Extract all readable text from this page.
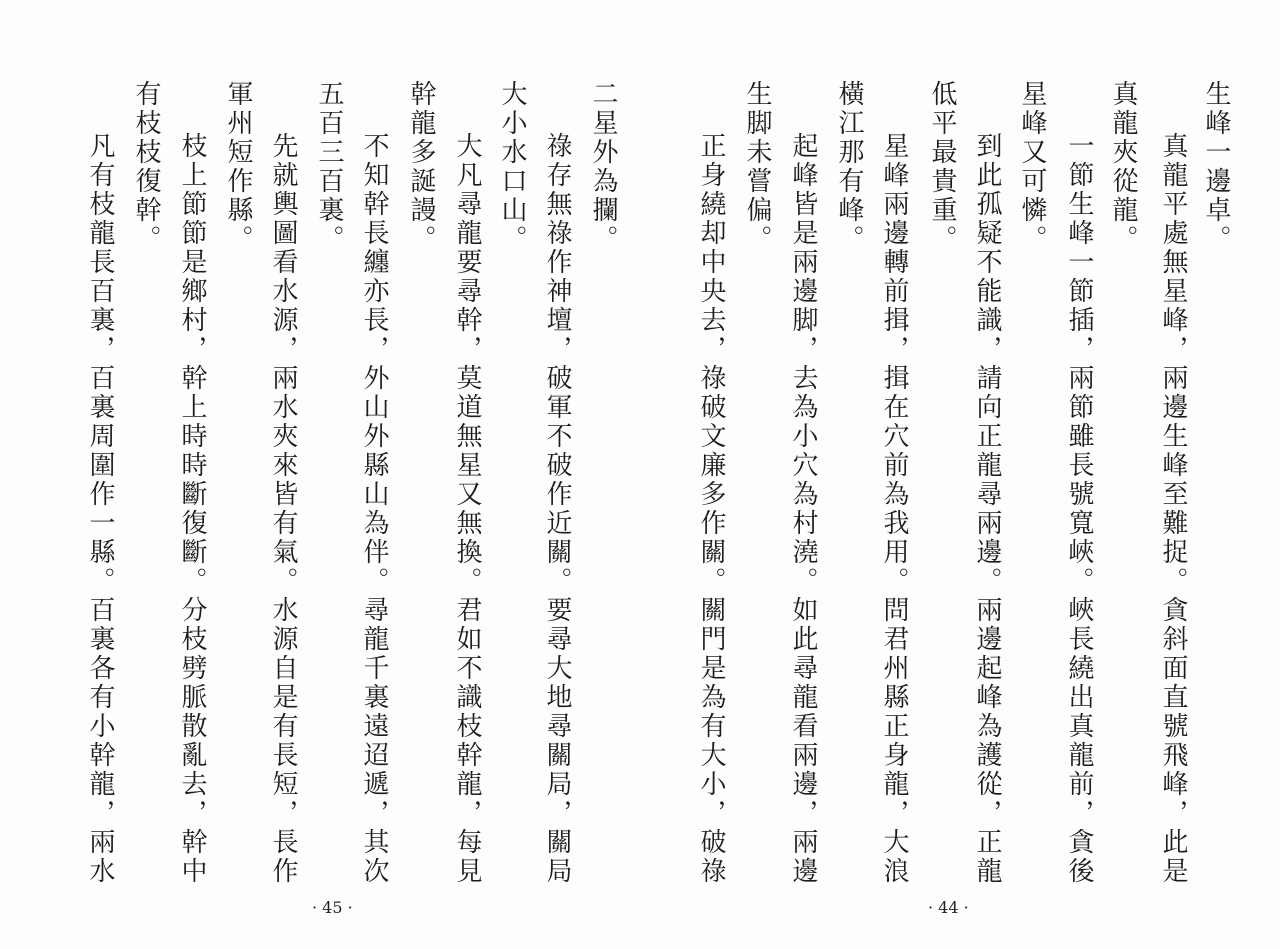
生峰一邊卓。
真龍平處無星峰，兩邊生峰至難捉。貪斜面直號飛峰，此是
真龍夾從龍。
一節生峰一節插，兩節雖長號寬峽。峽長繞出真龍前，貪後
星峰又可憐。
到此孤疑不能識，請向正龍尋兩邊。兩邊起峰為護從，正龍
低平最貴重。
星峰兩邊轉前揖，揖在穴前為我用。問君州縣正身龍，大浪
橫江那有峰。
起峰皆是兩邊脚，去為小穴為村澆。如此尋龍看兩邊，兩邊
生脚未嘗偏。
正身繞却中央去，祿破文廉多作關。關門是為有大小，破祿
· 44 ·
二星外為攔。
祿存無祿作神壇，破軍不破作近關。要尋大地尋關局，關局
大小水口山。
大凡尋龍要尋幹，莫道無星又無換。君如不識枝幹龍，每見
幹龍多誕謾。
不知幹長纏亦長，外山外縣山為伴。尋龍千裏遠迢遞，其次
五百三百裏。
先就輿圖看水源，兩水夾來皆有氣。水源自是有長短，長作
軍州短作縣。
枝上節節是鄉村，幹上時時斷復斷。分枝劈脈散亂去，幹中
有枝枝復幹。
凡有枝龍長百裏，百裏周圍作一縣。百裏各有小幹龍，兩水
· 45 ·
